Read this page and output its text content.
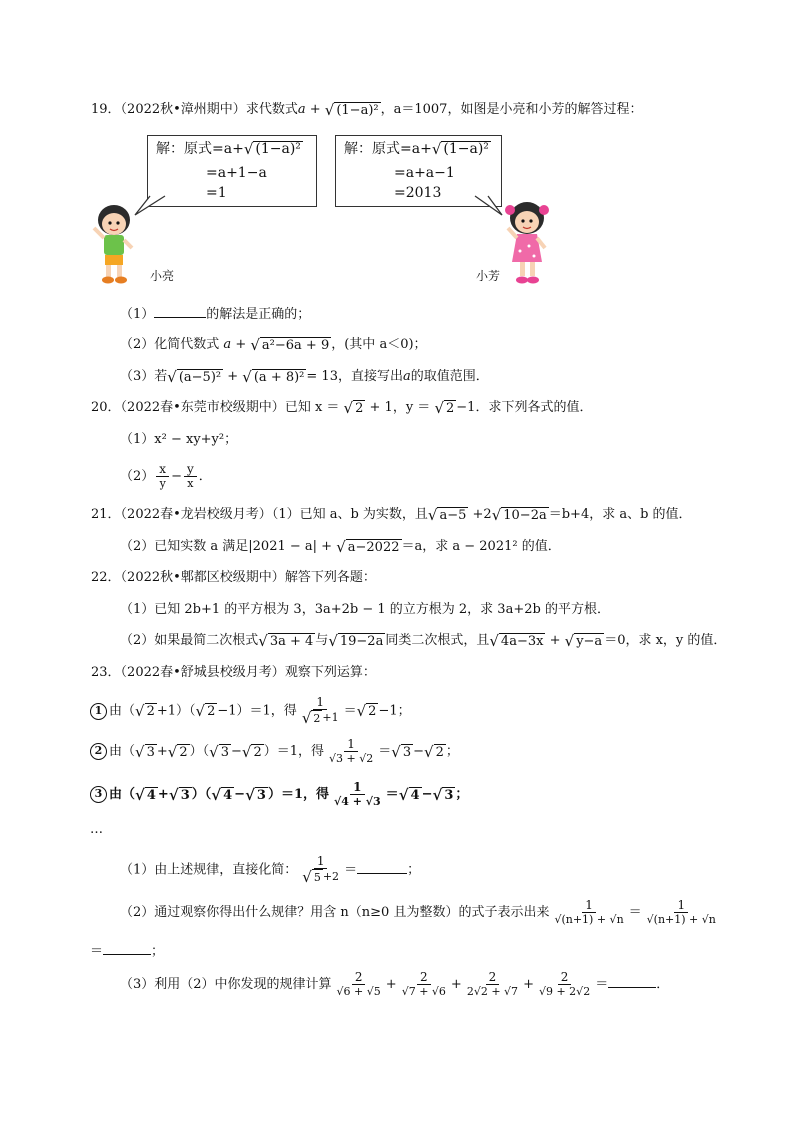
19．（2022秋•漳州期中）求代数式a + √ (1−a)² ，a＝1007，如图是小亮和小芳的解答过程：
解：原式=a+ √ (1−a)²
=a+1−a
=1
解：原式=a+ √ (1−a)²
=a+a−1
=2013
小亮	小芳
（1）	的解法是正确的；
（2）化简代数式 a + √ a²−6a + 9 ，(其中 a＜0)；
（3）若 √ (a−5)² + √ (a + 8)² = 13，直接写出a的取值范围．
20．（2022春•东莞市校级期中）已知 x ＝ √ 2 + 1，y ＝ √ 2 −1．求下列各式的值．
（1）x² − xy+y²；
$(2) \frac{x}{y} - \frac{y}{x}$ ．
21．（2022春•龙岩校级月考）（1）已知 a、b 为实数，且 √ a−5 +2 √ 10−2a ＝b+4，求 a、b 的值．
（2）已知实数 a 满足|2021 − a| + √ a−2022 ＝a，求 a − 2021² 的值．
22．（2022秋•郫都区校级期中）解答下列各题：
（1）已知 2b+1 的平方根为 3，3a+2b − 1 的立方根为 2，求 3a+2b 的平方根．
（2）如果最简二次根式 √ 3a + 4 与 √ 19−2a 同类二次根式，且 √ 4a−3x + √ y−a ＝0，求 x，y 的值．
23．（2022春•舒城县校级月考）观察下列运算：
1 由（ √ 2 +1）（ √ 2 −1）＝1，得 $\frac{1}{√ 2 +1}$ ＝ √ 2 −1；
2 由（ √ 3 + √ 2 ）（ √ 3 − √ 2 ）＝1，得 $\frac{1}{√3 + √2}$ ＝ √ 3 − √ 2 ；
3 由（ √ 4 + √ 3 ）（ √ 4 − √ 3 ）＝1，得 $\frac{1}{√4 + √3}$ ＝ √ 4 − √ 3 ；
…
（1）由上述规律，直接化简： $\frac{1}{√ 5 +2}$ ＝	；
（2）通过观察你得出什么规律？用含 n（n≥0 且为整数）的式子表示出来 $\frac{1}{√(n+1) + √n} = \frac{1}{√(n+1) + √n}$
＝	；
（3）利用（2）中你发现的规律计算 $\frac{2}{√6 + √5} + \frac{2}{√7 + √6} + \frac{2}{2√2 + √7} + \frac{2}{√9 + 2√2}$ ＝	．
